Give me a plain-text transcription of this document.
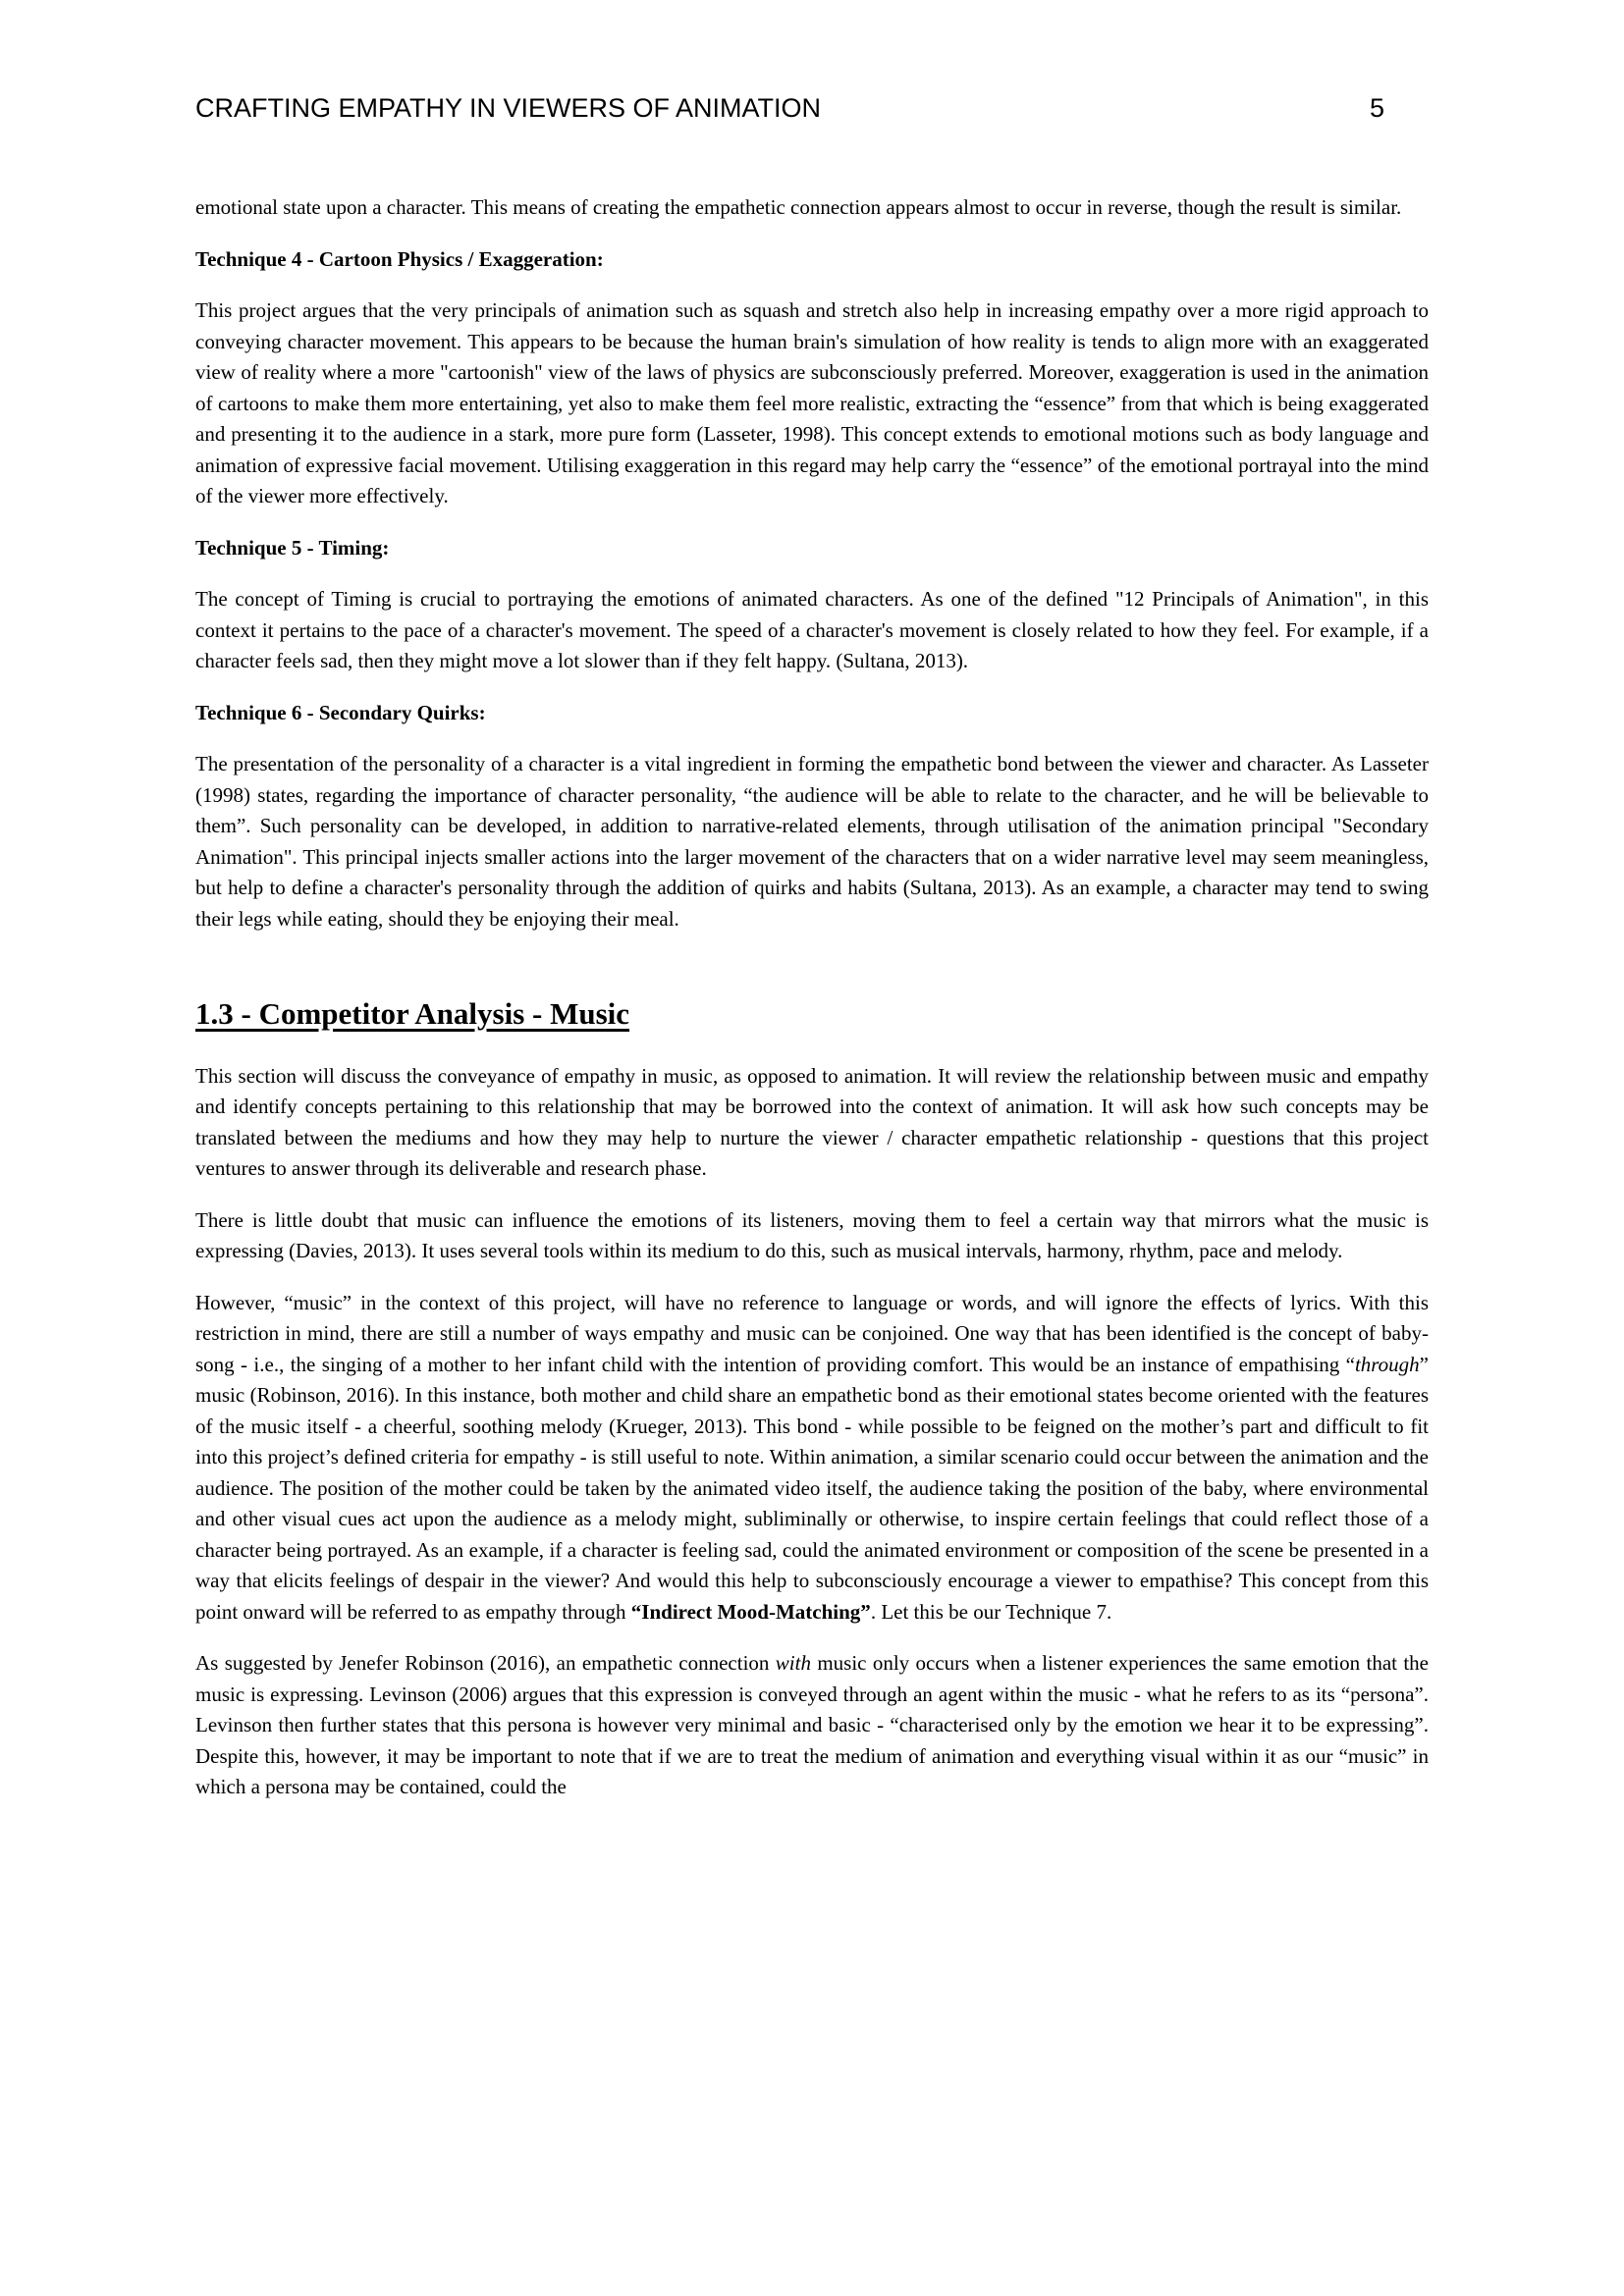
CRAFTING EMPATHY IN VIEWERS OF ANIMATION	5

emotional state upon a character. This means of creating the empathetic connection appears almost to occur in reverse, though the result is similar.

Technique 4 - Cartoon Physics / Exaggeration:

This project argues that the very principals of animation such as squash and stretch also help in increasing empathy over a more rigid approach to conveying character movement. This appears to be because the human brain's simulation of how reality is tends to align more with an exaggerated view of reality where a more "cartoonish" view of the laws of physics are subconsciously preferred. Moreover, exaggeration is used in the animation of cartoons to make them more entertaining, yet also to make them feel more realistic, extracting the “essence” from that which is being exaggerated and presenting it to the audience in a stark, more pure form (Lasseter, 1998). This concept extends to emotional motions such as body language and animation of expressive facial movement. Utilising exaggeration in this regard may help carry the “essence” of the emotional portrayal into the mind of the viewer more effectively.

Technique 5 - Timing:

The concept of Timing is crucial to portraying the emotions of animated characters. As one of the defined "12 Principals of Animation", in this context it pertains to the pace of a character's movement. The speed of a character's movement is closely related to how they feel. For example, if a character feels sad, then they might move a lot slower than if they felt happy. (Sultana, 2013).

Technique 6 - Secondary Quirks:

The presentation of the personality of a character is a vital ingredient in forming the empathetic bond between the viewer and character. As Lasseter (1998) states, regarding the importance of character personality, “the audience will be able to relate to the character, and he will be believable to them”. Such personality can be developed, in addition to narrative-related elements, through utilisation of the animation principal "Secondary Animation". This principal injects smaller actions into the larger movement of the characters that on a wider narrative level may seem meaningless, but help to define a character's personality through the addition of quirks and habits (Sultana, 2013). As an example, a character may tend to swing their legs while eating, should they be enjoying their meal.

1.3 - Competitor Analysis - Music

This section will discuss the conveyance of empathy in music, as opposed to animation. It will review the relationship between music and empathy and identify concepts pertaining to this relationship that may be borrowed into the context of animation. It will ask how such concepts may be translated between the mediums and how they may help to nurture the viewer / character empathetic relationship - questions that this project ventures to answer through its deliverable and research phase.

There is little doubt that music can influence the emotions of its listeners, moving them to feel a certain way that mirrors what the music is expressing (Davies, 2013). It uses several tools within its medium to do this, such as musical intervals, harmony, rhythm, pace and melody.

However, “music” in the context of this project, will have no reference to language or words, and will ignore the effects of lyrics. With this restriction in mind, there are still a number of ways empathy and music can be conjoined. One way that has been identified is the concept of baby-song - i.e., the singing of a mother to her infant child with the intention of providing comfort. This would be an instance of empathising “through” music (Robinson, 2016). In this instance, both mother and child share an empathetic bond as their emotional states become oriented with the features of the music itself - a cheerful, soothing melody (Krueger, 2013). This bond - while possible to be feigned on the mother’s part and difficult to fit into this project’s defined criteria for empathy - is still useful to note. Within animation, a similar scenario could occur between the animation and the audience. The position of the mother could be taken by the animated video itself, the audience taking the position of the baby, where environmental and other visual cues act upon the audience as a melody might, subliminally or otherwise, to inspire certain feelings that could reflect those of a character being portrayed. As an example, if a character is feeling sad, could the animated environment or composition of the scene be presented in a way that elicits feelings of despair in the viewer? And would this help to subconsciously encourage a viewer to empathise? This concept from this point onward will be referred to as empathy through “Indirect Mood-Matching”. Let this be our Technique 7.

As suggested by Jenefer Robinson (2016), an empathetic connection with music only occurs when a listener experiences the same emotion that the music is expressing. Levinson (2006) argues that this expression is conveyed through an agent within the music - what he refers to as its “persona”. Levinson then further states that this persona is however very minimal and basic - “characterised only by the emotion we hear it to be expressing”. Despite this, however, it may be important to note that if we are to treat the medium of animation and everything visual within it as our “music” in which a persona may be contained, could the
